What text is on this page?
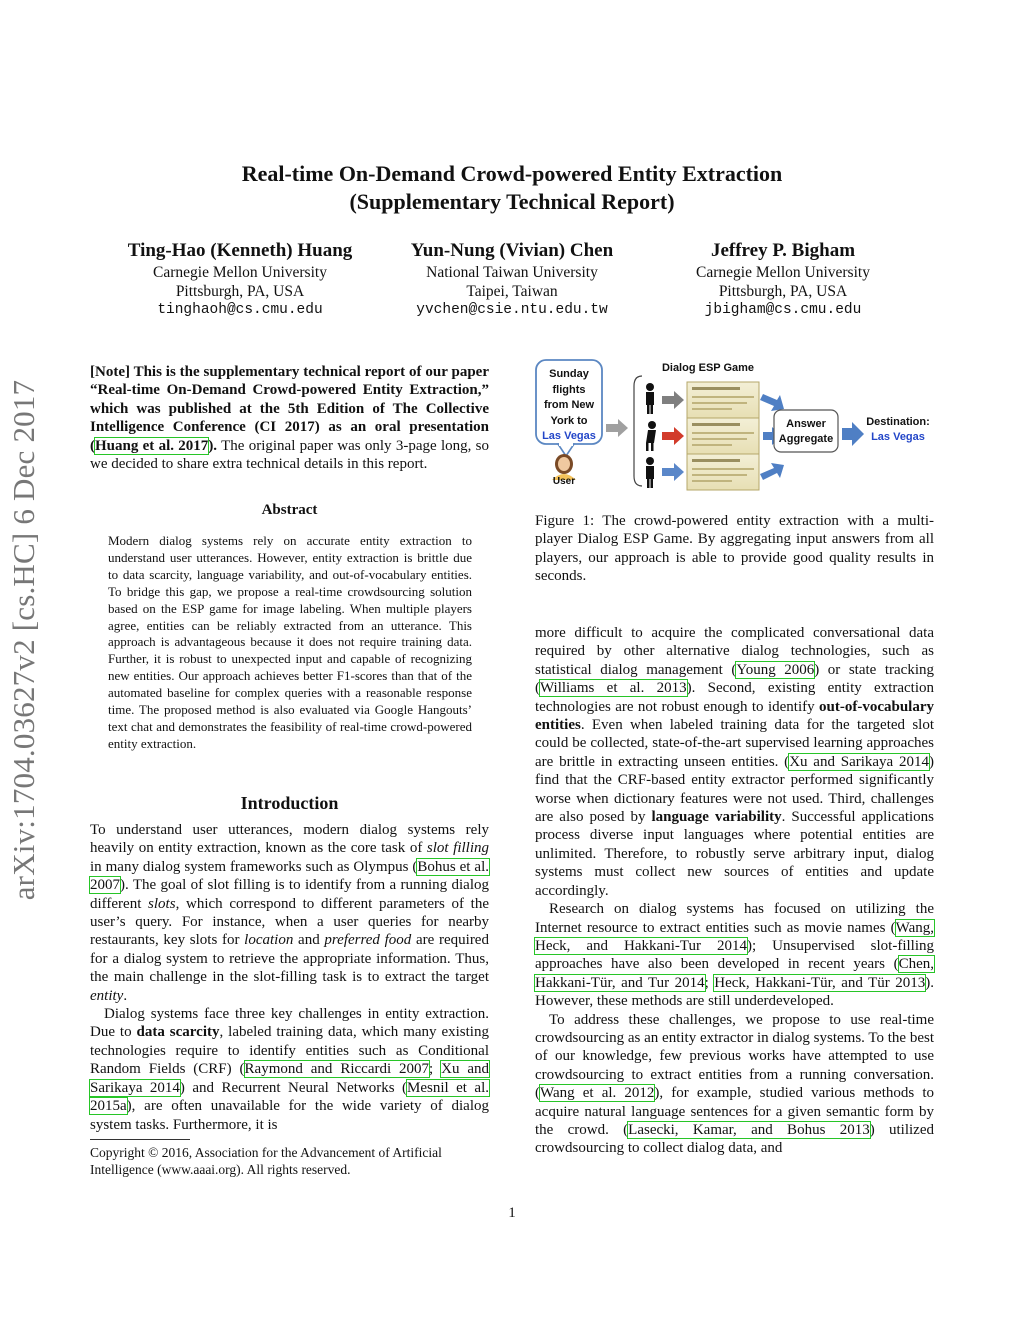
arXiv:1704.03627v2 [cs.HC] 6 Dec 2017
Real-time On-Demand Crowd-powered Entity Extraction
(Supplementary Technical Report)
Ting-Hao (Kenneth) Huang
Carnegie Mellon University
Pittsburgh, PA, USA
tinghaoh@cs.cmu.edu
Yun-Nung (Vivian) Chen
National Taiwan University
Taipei, Taiwan
yvchen@csie.ntu.edu.tw
Jeffrey P. Bigham
Carnegie Mellon University
Pittsburgh, PA, USA
jbigham@cs.cmu.edu

[Note] This is the supplementary technical report of our paper “Real-time On-Demand Crowd-powered Entity Extraction,” which was published at the 5th Edition of The Collective Intelligence Conference (CI 2017) as an oral presentation (Huang et al. 2017). The original paper was only 3-page long, so we decided to share extra technical details in this report.

Abstract
Modern dialog systems rely on accurate entity extraction to understand user utterances. However, entity extraction is brittle due to data scarcity, language variability, and out-of-vocabulary entities. To bridge this gap, we propose a real-time crowdsourcing solution based on the ESP game for image labeling. When multiple players agree, entities can be reliably extracted from an utterance. This approach is advantageous because it does not require training data. Further, it is robust to unexpected input and capable of recognizing new entities. Our approach achieves better F1-scores than that of the automated baseline for complex queries with a reasonable response time. The proposed method is also evaluated via Google Hangouts’ text chat and demonstrates the feasibility of real-time crowd-powered entity extraction.
Introduction

To understand user utterances, modern dialog systems rely heavily on entity extraction, known as the core task of slot filling in many dialog system frameworks such as Olympus (Bohus et al. 2007). The goal of slot filling is to identify from a running dialog different slots, which correspond to different parameters of the user’s query. For instance, when a user queries for nearby restaurants, key slots for location and preferred food are required for a dialog system to retrieve the appropriate information. Thus, the main challenge in the slot-filling task is to extract the target entity.

Dialog systems face three key challenges in entity extraction. Due to data scarcity, labeled training data, which many existing technologies require to identify entities such as Conditional Random Fields (CRF) (Raymond and Riccardi 2007; Xu and Sarikaya 2014) and Recurrent Neural Networks (Mesnil et al. 2015a), are often unavailable for the wide variety of dialog system tasks. Furthermore, it is

Copyright © 2016, Association for the Advancement of Artificial Intelligence (www.aaai.org). All rights reserved.
Sunday
flights
from New
York to
Las Vegas
User
Dialog ESP Game
Answer
Aggregate
Destination:
Las Vegas
Figure 1: The crowd-powered entity extraction with a multi-player Dialog ESP Game. By aggregating input answers from all players, our approach is able to provide good quality results in seconds.

more difficult to acquire the complicated conversational data required by other alternative dialog technologies, such as statistical dialog management (Young 2006) or state tracking (Williams et al. 2013). Second, existing entity extraction technologies are not robust enough to identify out-of-vocabulary entities. Even when labeled training data for the targeted slot could be collected, state-of-the-art supervised learning approaches are brittle in extracting unseen entities. (Xu and Sarikaya 2014) find that the CRF-based entity extractor performed significantly worse when dictionary features were not used. Third, challenges are also posed by language variability. Successful applications process diverse input languages where potential entities are unlimited. Therefore, to robustly serve arbitrary input, dialog systems must collect new sources of entities and update accordingly.

Research on dialog systems has focused on utilizing the Internet resource to extract entities such as movie names (Wang, Heck, and Hakkani-Tur 2014); Unsupervised slot-filling approaches have also been developed in recent years (Chen, Hakkani-Tür, and Tur 2014; Heck, Hakkani-Tür, and Tür 2013). However, these methods are still underdeveloped.

To address these challenges, we propose to use real-time crowdsourcing as an entity extractor in dialog systems. To the best of our knowledge, few previous works have attempted to use crowdsourcing to extract entities from a running conversation. (Wang et al. 2012), for example, studied various methods to acquire natural language sentences for a given semantic form by the crowd. (Lasecki, Kamar, and Bohus 2013) utilized crowdsourcing to collect dialog data, and

1
